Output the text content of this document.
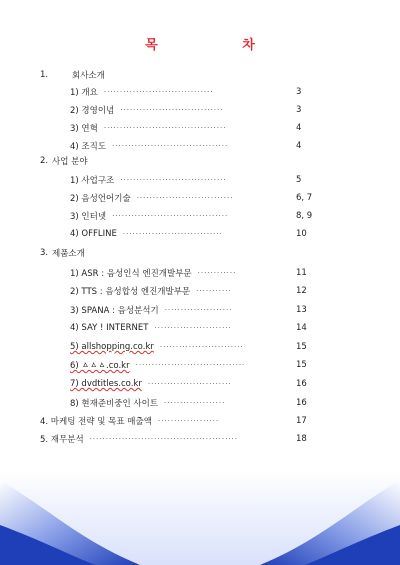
목 차
1.	회사소개
1) 개요 ··································	3
2) 경영이념 ································	3
3) 연혁 ······································	4
4) 조직도 ····································	4
2. 사업 분야
1) 사업구조 ·································	5
2) 음성언어기술 ······························	6, 7
3) 인터넷 ····································	8, 9
4) OFFLINE ·······························	10
3. 제품소개
1) ASR : 음성인식 엔진개발부문 ············	11
2) TTS : 음성합성 엔진개발부문 ···········	12
3) SPANA : 음성분석기 ·····················	13
4) SAY ! INTERNET ························	14
5) allshopping.co.kr ··························	15
6) ㅿㅿㅿ.co.kr ··································	15
7) dvdtitles.co.kr ··························	16
8) 현재준비중인 사이트 ···················	16
4. 마케팅 전략 및 목표 매출액 ···················	17
5. 재무분석 ··············································	18
